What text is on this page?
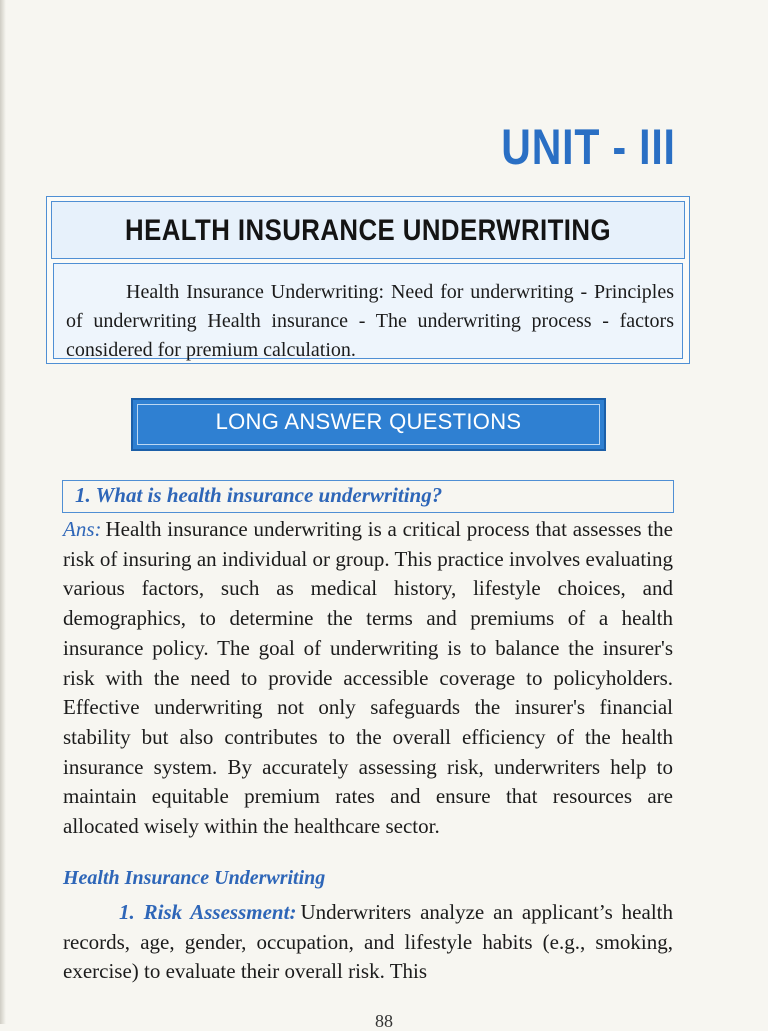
UNIT - III
HEALTH INSURANCE UNDERWRITING

Health Insurance Underwriting: Need for underwriting - Principles of underwriting Health insurance - The underwriting process - factors considered for premium calculation.

LONG ANSWER QUESTIONS
1. What is health insurance underwriting?
Ans: Health insurance underwriting is a critical process that assesses the risk of insuring an individual or group. This practice involves evaluating various factors, such as medical history, lifestyle choices, and demographics, to determine the terms and premiums of a health insurance policy. The goal of underwriting is to balance the insurer's risk with the need to provide accessible coverage to policyholders. Effective underwriting not only safeguards the insurer's financial stability but also contributes to the overall efficiency of the health insurance system. By accurately assessing risk, underwriters help to maintain equitable premium rates and ensure that resources are allocated wisely within the healthcare sector.
Health Insurance Underwriting
1. Risk Assessment: Underwriters analyze an applicant’s health records, age, gender, occupation, and lifestyle habits (e.g., smoking, exercise) to evaluate their overall risk. This
88
